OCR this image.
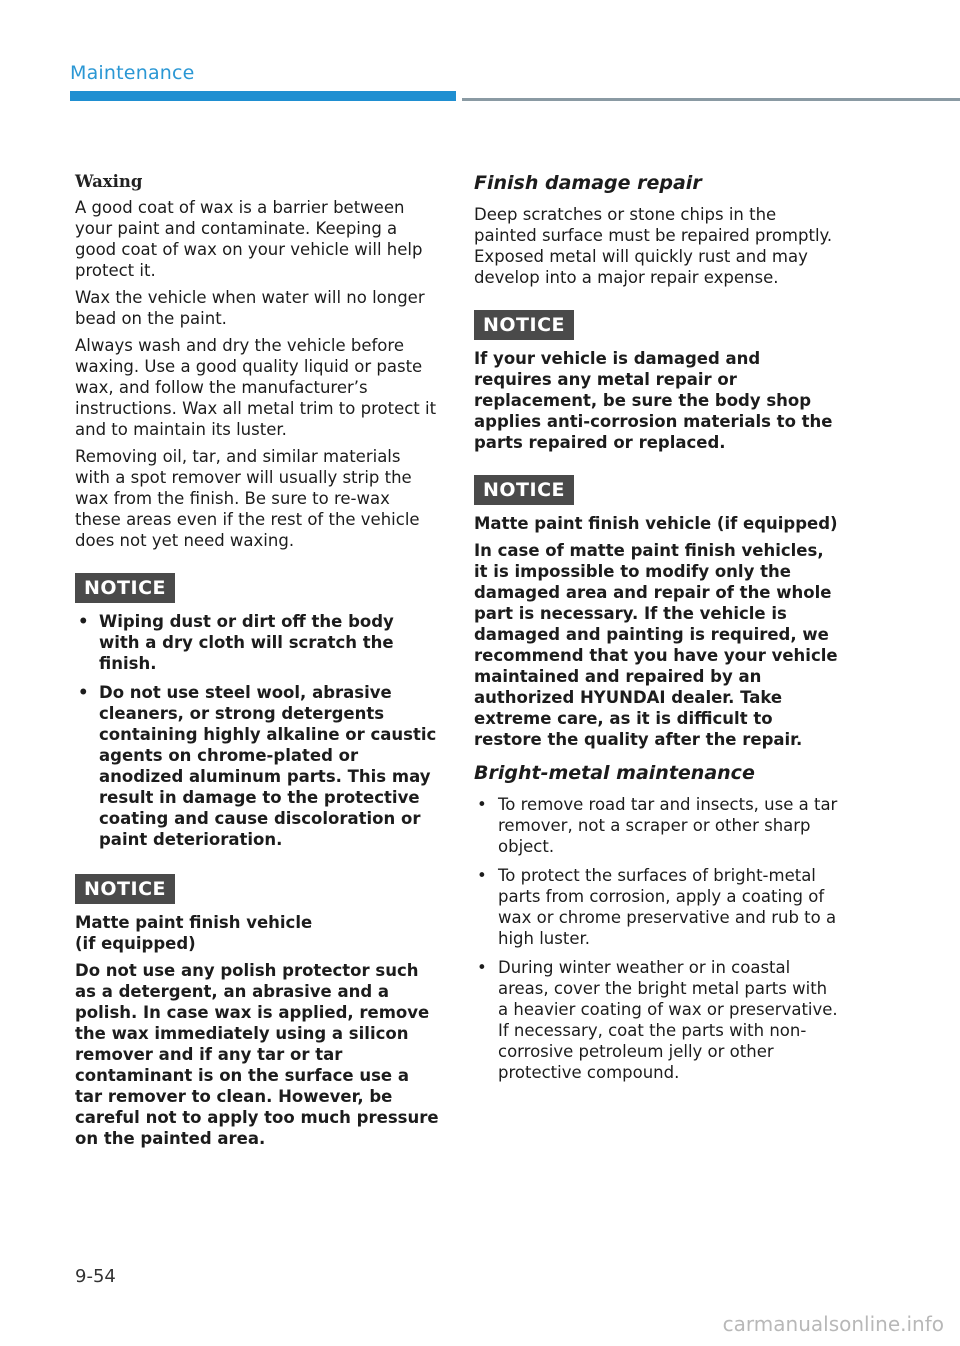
Maintenance
Waxing

A good coat of wax is a barrier between your paint and contaminate. Keeping a good coat of wax on your vehicle will help protect it.

Wax the vehicle when water will no longer bead on the paint.

Always wash and dry the vehicle before waxing. Use a good quality liquid or paste wax, and follow the manufacturer’s instructions. Wax all metal trim to protect it and to maintain its luster.

Removing oil, tar, and similar materials with a spot remover will usually strip the wax from the finish. Be sure to re-wax these areas even if the rest of the vehicle does not yet need waxing.

NOTICE
• Wiping dust or dirt off the body with a dry cloth will scratch the finish.
• Do not use steel wool, abrasive cleaners, or strong detergents containing highly alkaline or caustic agents on chrome-plated or anodized aluminum parts. This may result in damage to the protective coating and cause discoloration or paint deterioration.
NOTICE

Matte paint finish vehicle (if equipped)

Do not use any polish protector such as a detergent, an abrasive and a polish. In case wax is applied, remove the wax immediately using a silicon remover and if any tar or tar contaminant is on the surface use a tar remover to clean. However, be careful not to apply too much pressure on the painted area.

Finish damage repair

Deep scratches or stone chips in the painted surface must be repaired promptly. Exposed metal will quickly rust and may develop into a major repair expense.

NOTICE

If your vehicle is damaged and requires any metal repair or replacement, be sure the body shop applies anti-corrosion materials to the parts repaired or replaced.

NOTICE

Matte paint finish vehicle (if equipped)

In case of matte paint finish vehicles, it is impossible to modify only the damaged area and repair of the whole part is necessary. If the vehicle is damaged and painting is required, we recommend that you have your vehicle maintained and repaired by an authorized HYUNDAI dealer. Take extreme care, as it is difficult to restore the quality after the repair.

Bright-metal maintenance
• To remove road tar and insects, use a tar remover, not a scraper or other sharp object.
• To protect the surfaces of bright-metal parts from corrosion, apply a coating of wax or chrome preservative and rub to a high luster.
• During winter weather or in coastal areas, cover the bright metal parts with a heavier coating of wax or preservative. If necessary, coat the parts with non-corrosive petroleum jelly or other protective compound.
9-54
carmanualsonline.info
